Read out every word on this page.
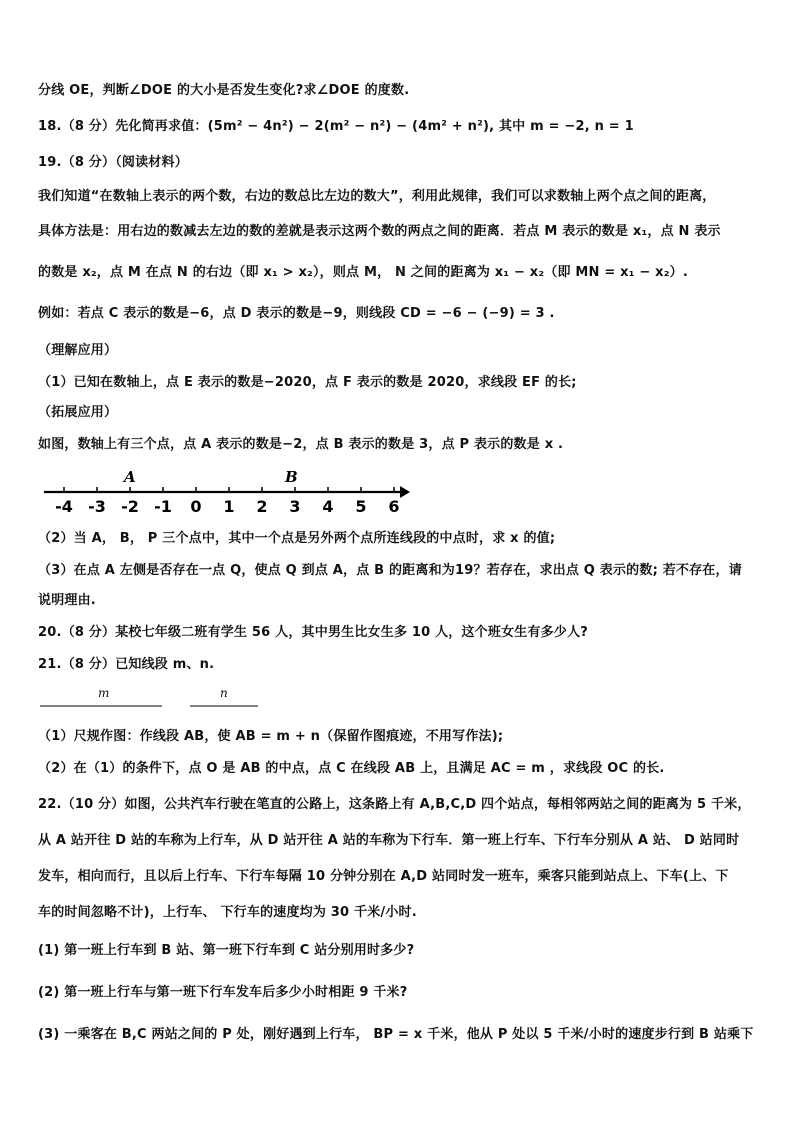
分线 OE，判断∠DOE 的大小是否发生变化?求∠DOE 的度数.
18.（8 分）先化简再求值：(5m² − 4n²) − 2(m² − n²) − (4m² + n²), 其中 m = −2, n = 1
19.（8 分）（阅读材料）
我们知道“在数轴上表示的两个数，右边的数总比左边的数大”，利用此规律，我们可以求数轴上两个点之间的距离，
具体方法是：用右边的数减去左边的数的差就是表示这两个数的两点之间的距离．若点 M 表示的数是 x₁，点 N 表示
的数是 x₂，点 M 在点 N 的右边（即 x₁ > x₂），则点 M， N 之间的距离为 x₁ − x₂（即 MN = x₁ − x₂）.
例如：若点 C 表示的数是−6，点 D 表示的数是−9，则线段 CD = −6 − (−9) = 3 .
（理解应用）
（1）已知在数轴上，点 E 表示的数是−2020，点 F 表示的数是 2020，求线段 EF 的长;
（拓展应用）
如图，数轴上有三个点，点 A 表示的数是−2，点 B 表示的数是 3，点 P 表示的数是 x .
-4 -3 -2 -1 0 1 2 3 4 5 6
A	B
（2）当 A， B， P 三个点中，其中一个点是另外两个点所连线段的中点时，求 x 的值;
（3）在点 A 左侧是否存在一点 Q，使点 Q 到点 A，点 B 的距离和为19？若存在，求出点 Q 表示的数; 若不存在，请
说明理由.
20.（8 分）某校七年级二班有学生 56 人，其中男生比女生多 10 人，这个班女生有多少人?
21.（8 分）已知线段 m、n.
m	n
（1）尺规作图：作线段 AB，使 AB = m + n（保留作图痕迹，不用写作法);
（2）在（1）的条件下，点 O 是 AB 的中点，点 C 在线段 AB 上，且满足 AC = m ，求线段 OC 的长.
22.（10 分）如图，公共汽车行驶在笔直的公路上，这条路上有 A,B,C,D 四个站点，每相邻两站之间的距离为 5 千米，
从 A 站开往 D 站的车称为上行车，从 D 站开往 A 站的车称为下行车．第一班上行车、下行车分别从 A 站、 D 站同时
发车，相向而行，且以后上行车、下行车每隔 10 分钟分别在 A,D 站同时发一班车，乘客只能到站点上、下车(上、下
车的时间忽略不计)，上行车、 下行车的速度均为 30 千米/小时.
(1) 第一班上行车到 B 站、第一班下行车到 C 站分别用时多少?
(2) 第一班上行车与第一班下行车发车后多少小时相距 9 千米?
(3) 一乘客在 B,C 两站之间的 P 处，刚好遇到上行车， BP = x 千米，他从 P 处以 5 千米/小时的速度步行到 B 站乘下
